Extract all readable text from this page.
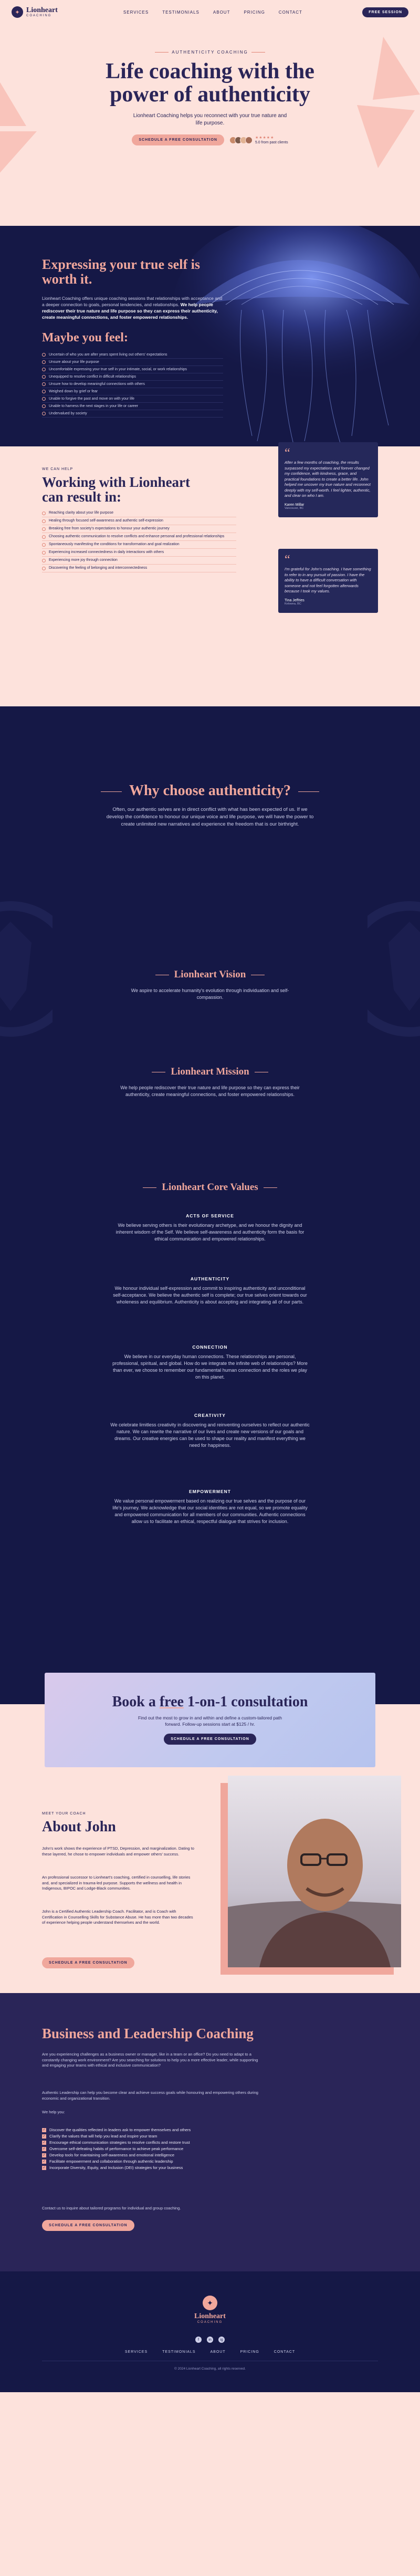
✦ Lionheart
COACHING
SERVICES	TESTIMONIALS	ABOUT	PRICING	CONTACT	FREE SESSION
AUTHENTICITY COACHING
Life coaching with the
power of authenticity

Lionheart Coaching helps you reconnect with your true nature and life purpose.

SCHEDULE A FREE CONSULTATION
★★★★★
5.0 from past clients
Expressing your true self is worth it.

Lionheart Coaching offers unique coaching sessions that relationships with acceptance and a deeper connection to goals, personal tendencies, and relationships. We help people rediscover their true nature and life purpose so they can express their authenticity, create meaningful connections, and foster empowered relationships.

Maybe you feel:
Uncertain of who you are after years spent living out others' expectations
Unsure about your life purpose
Uncomfortable expressing your true self in your intimate, social, or work relationships
Unequipped to resolve conflict in difficult relationships
Unsure how to develop meaningful connections with others
Weighed down by grief or fear
Unable to forgive the past and move on with your life
Unable to harness the next stages in your life or career
Undervalued by society
WE CAN HELP
Working with Lionheart
can result in:
Reaching clarity about your life purpose
Healing through focused self-awareness and authentic self-expression
Breaking free from society's expectations to honour your authentic journey
Choosing authentic communication to resolve conflicts and enhance personal and professional relationships
Spontaneously manifesting the conditions for transformation and goal realization
Experiencing increased connectedness in daily interactions with others
Experiencing more joy through connection
Discovering the feeling of belonging and interconnectedness
“

After a few months of coaching, the results surpassed my expectations and forever changed my confidence, with kindness, grace, and practical foundations to create a better life. John helped me uncover my true nature and reconnect deeply with my self-worth. I feel lighter, authentic, and clear on who I am.

Karen Millar
Vancouver, BC
“

I'm grateful for John's coaching. I have something to refer to in any pursuit of passion. I have the ability to have a difficult conversation with someone and not feel forgotten afterwards because I took my values.

Tina Jeffries
Kelowna, BC
Why choose authenticity?

Often, our authentic selves are in direct conflict with what has been expected of us. If we develop the confidence to honour our unique voice and life purpose, we will have the power to create unlimited new narratives and experience the freedom that is our birthright.

Lionheart Vision

We aspire to accelerate humanity's evolution through individuation and self-compassion.

Lionheart Mission

We help people rediscover their true nature and life purpose so they can express their authenticity, create meaningful connections, and foster empowered relationships.

Lionheart Core Values
ACTS OF SERVICE

We believe serving others is their evolutionary archetype, and we honour the dignity and inherent wisdom of the Self. We believe self-awareness and authenticity form the basis for ethical communication and empowered relationships.

AUTHENTICITY

We honour individual self-expression and commit to inspiring authenticity and unconditional self-acceptance. We believe the authentic self is complete; our true selves orient towards our wholeness and equilibrium. Authenticity is about accepting and integrating all of our parts.

CONNECTION

We believe in our everyday human connections. These relationships are personal, professional, spiritual, and global. How do we integrate the infinite web of relationships? More than ever, we choose to remember our fundamental human connection and the roles we play on this planet.

CREATIVITY

We celebrate limitless creativity in discovering and reinventing ourselves to reflect our authentic nature. We can rewrite the narrative of our lives and create new versions of our goals and dreams. Our creative energies can be used to shape our reality and manifest everything we need for happiness.

EMPOWERMENT

We value personal empowerment based on realizing our true selves and the purpose of our life's journey. We acknowledge that our social identities are not equal, so we promote equality and empowered communication for all members of our communities. Authentic connections allow us to facilitate an ethical, respectful dialogue that strives for inclusion.

Book a free 1-on-1 consultation

Find out the most to grow in and within and define a custom-tailored path forward. Follow-up sessions start at $125 / hr.

SCHEDULE A FREE CONSULTATION
MEET YOUR COACH
About John

John's work shows the experience of PTSD, Depression, and marginalization. Dating to these layered, he chose to empower individuals and empower others' success.

An professional successor to Lionheart's coaching, certified in counselling, life stories and, and specialized in trauma-led purpose. Supports the wellness and health in Indigenous, BIPOC and Lodge-Black communities.

John is a Certified Authentic Leadership Coach. Facilitator, and is Coach with Certification in Counselling Skills for Substance Abuse. He has more than two decades of experience helping people understand themselves and the world.

SCHEDULE A FREE CONSULTATION
Business and Leadership Coaching

Are you experiencing challenges as a business owner or manager, like in a team or an office? Do you need to adapt to a constantly changing work environment? Are you searching for solutions to help you a more effective leader, while supporting and engaging your teams with ethical and inclusive communication?

Authentic Leadership can help you become clear and achieve success goals while honouring and empowering others during economic and organizational transition.

We help you:

✓ Discover the qualities reflected in leaders ask to empower themselves and others
✓ Clarify the values that will help you lead and inspire your team
✓ Encourage ethical communication strategies to resolve conflicts and restore trust
✓ Overcome self-defeating habits of performance to achieve peak performance
✓ Develop tools for maintaining self-awareness and emotional intelligence
✓ Facilitate empowerment and collaboration through authentic leadership
✓ Incorporate Diversity, Equity, and Inclusion (DEI) strategies for your business

Contact us to inquire about tailored programs for individual and group coaching.

SCHEDULE A FREE CONSULTATION
✦
Lionheart
COACHING
f	in	ig
SERVICES	TESTIMONIALS	ABOUT	PRICING	CONTACT
© 2024 Lionheart Coaching, all rights reserved.
